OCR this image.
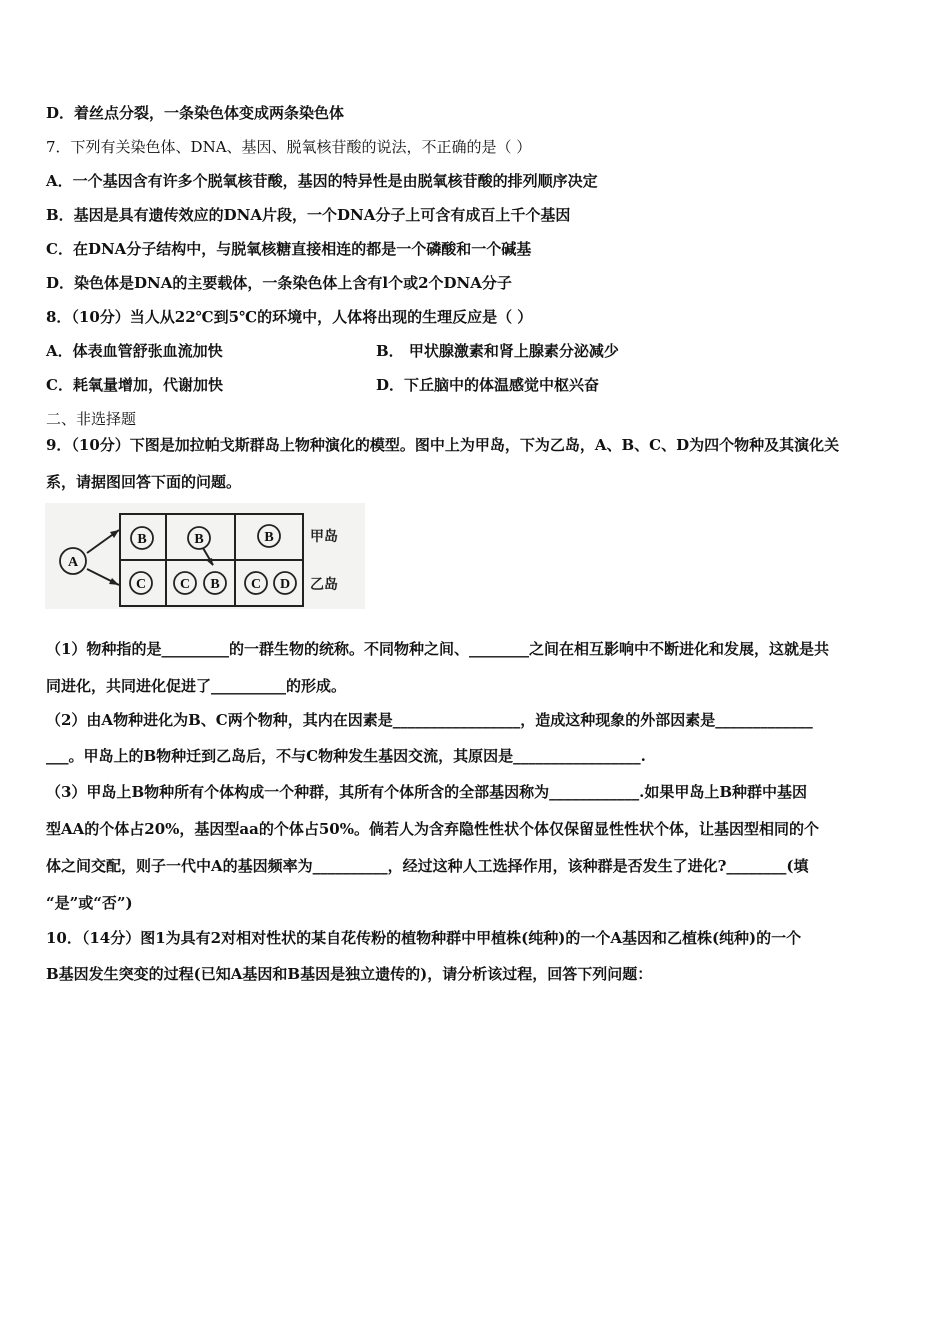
D．着丝点分裂，一条染色体变成两条染色体
7．下列有关染色体、DNA、基因、脱氧核苷酸的说法，不正确的是（ ）
A．一个基因含有许多个脱氧核苷酸，基因的特异性是由脱氧核苷酸的排列顺序决定
B．基因是具有遗传效应的DNA片段，一个DNA分子上可含有成百上千个基因
C．在DNA分子结构中，与脱氧核糖直接相连的都是一个磷酸和一个碱基
D．染色体是DNA的主要载体，一条染色体上含有l个或2个DNA分子
8．（10分）当人从22℃到5℃的环境中，人体将出现的生理反应是（ ）
A．体表血管舒张血流加快	B． 甲状腺激素和肾上腺素分泌减少
C．耗氧量增加，代谢加快	D．下丘脑中的体温感觉中枢兴奋
二、非选择题
9．（10分）下图是加拉帕戈斯群岛上物种演化的模型。图中上为甲岛，下为乙岛，A、B、C、D为四个物种及其演化关
系，请据图回答下面的问题。
A
B	B	B
C C B C D
甲岛
乙岛
（1）物种指的是_________的一群生物的统称。不同物种之间、________之间在相互影响中不断进化和发展，这就是共
同进化，共同进化促进了__________的形成。
（2）由A物种进化为B、C两个物种，其内在因素是_________________，造成这种现象的外部因素是_____________
___。甲岛上的B物种迁到乙岛后，不与C物种发生基因交流，其原因是_________________.
（3）甲岛上B物种所有个体构成一个种群，其所有个体所含的全部基因称为____________.如果甲岛上B种群中基因
型AA的个体占20%，基因型aa的个体占50%。倘若人为含弃隐性性状个体仅保留显性性状个体，让基因型相同的个
体之间交配，则子一代中A的基因频率为__________，经过这种人工选择作用，该种群是否发生了进化?________(填
“是”或“否”)
10．（14分）图1为具有2对相对性状的某自花传粉的植物种群中甲植株(纯种)的一个A基因和乙植株(纯种)的一个
B基因发生突变的过程(已知A基因和B基因是独立遗传的)，请分析该过程，回答下列问题：
